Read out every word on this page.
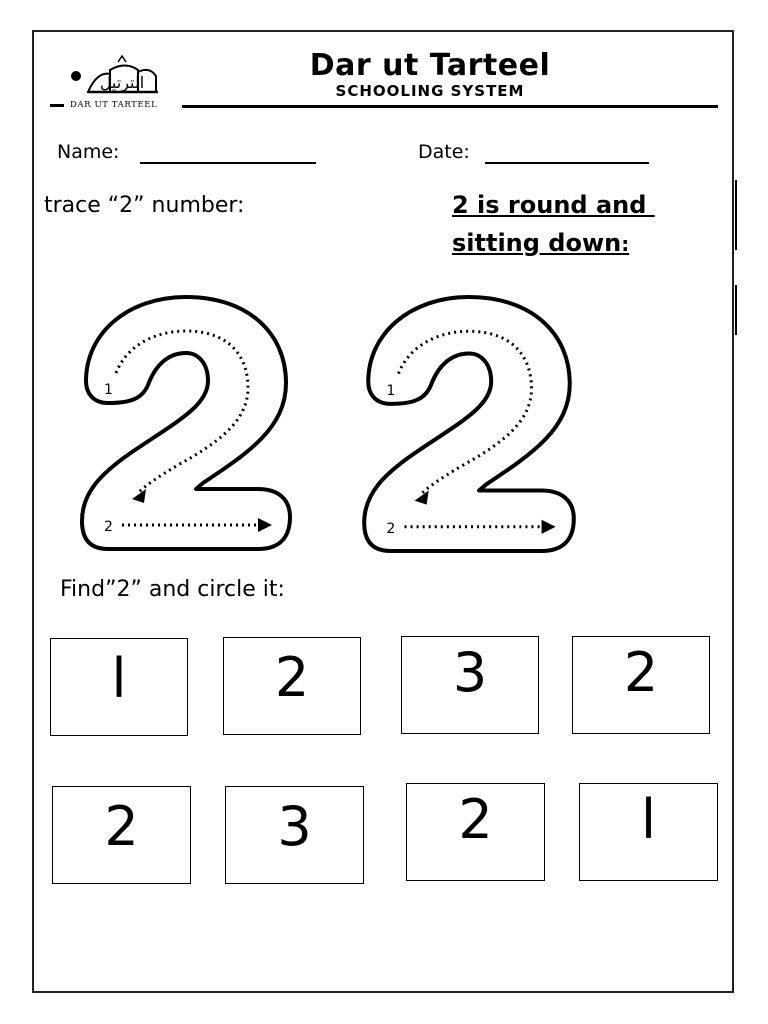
الترتيل
DAR UT TARTEEL
Dar ut Tarteel
SCHOOLING SYSTEM
Name:	Date:
trace “2” number:	2 is round and
sitting down:
1
2
1
2
Find”2” and circle it:
l	2	3	2
2	3	2	l
